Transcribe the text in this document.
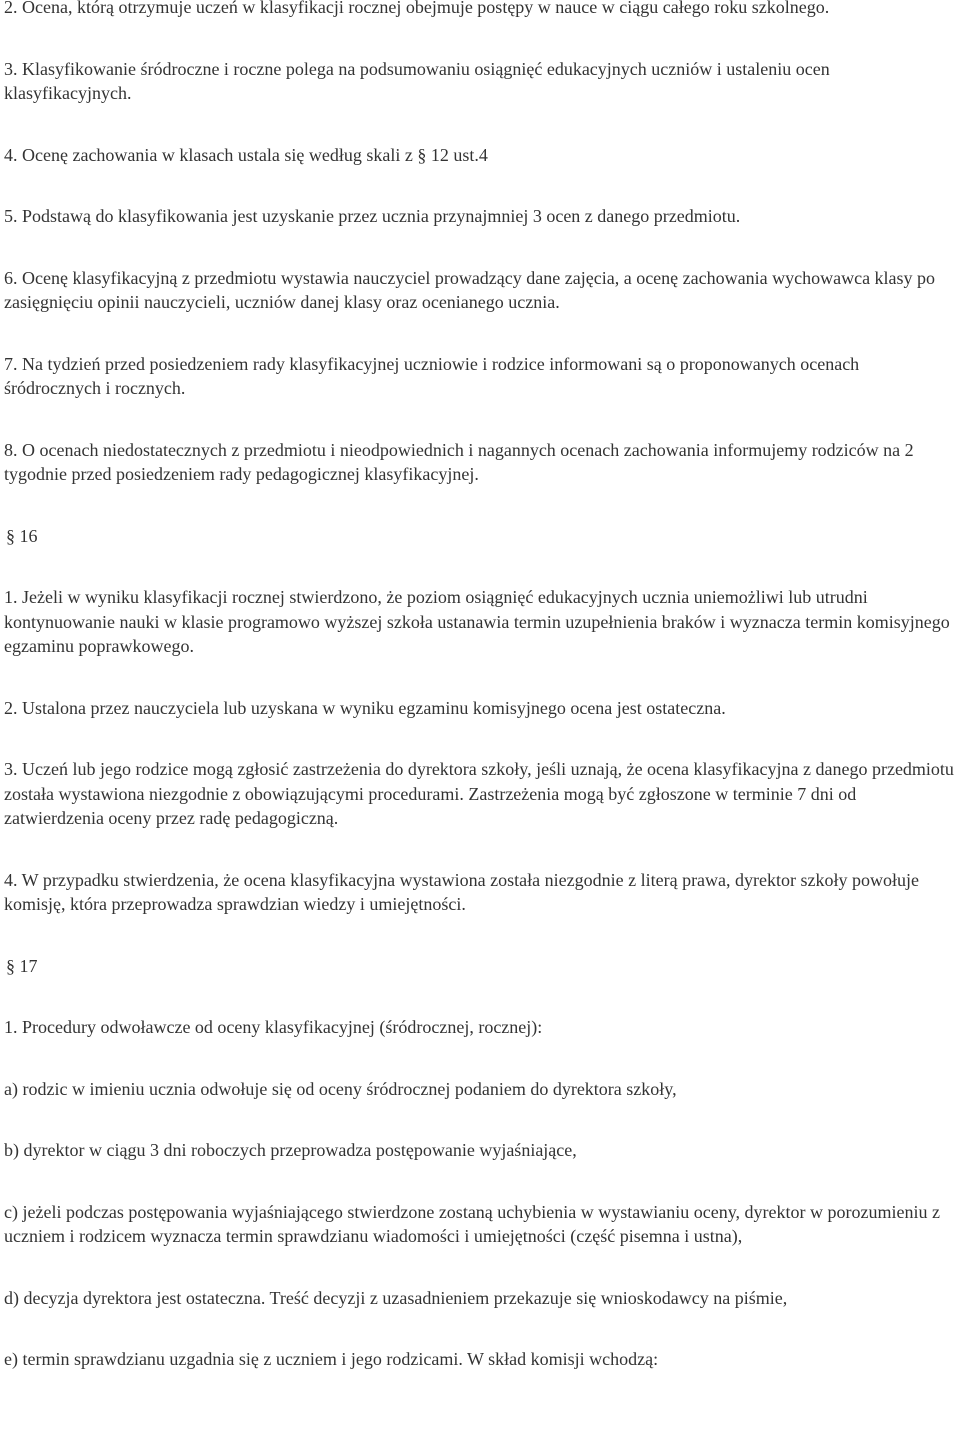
2. Ocena, którą otrzymuje uczeń w klasyfikacji rocznej obejmuje postępy w nauce w ciągu całego roku szkolnego.

3. Klasyfikowanie śródroczne i roczne polega na podsumowaniu osiągnięć edukacyjnych uczniów i ustaleniu ocen klasyfikacyjnych.

4. Ocenę zachowania w klasach ustala się według skali z § 12 ust.4

5. Podstawą do klasyfikowania jest uzyskanie przez ucznia przynajmniej 3 ocen z danego przedmiotu.

6. Ocenę klasyfikacyjną z przedmiotu wystawia nauczyciel prowadzący dane zajęcia, a ocenę zachowania wychowawca klasy po zasięgnięciu opinii nauczycieli, uczniów danej klasy oraz ocenianego ucznia.

7. Na tydzień przed posiedzeniem rady klasyfikacyjnej uczniowie i rodzice informowani są o proponowanych ocenach śródrocznych i rocznych.

8. O ocenach niedostatecznych z przedmiotu i nieodpowiednich i nagannych ocenach zachowania informujemy rodziców na 2 tygodnie przed posiedzeniem rady pedagogicznej klasyfikacyjnej.

§ 16

1. Jeżeli w wyniku klasyfikacji rocznej stwierdzono, że poziom osiągnięć edukacyjnych ucznia uniemożliwi lub utrudni kontynuowanie nauki w klasie programowo wyższej szkoła ustanawia termin uzupełnienia braków i wyznacza termin komisyjnego egzaminu poprawkowego.

2. Ustalona przez nauczyciela lub uzyskana w wyniku egzaminu komisyjnego ocena jest ostateczna.

3. Uczeń lub jego rodzice mogą zgłosić zastrzeżenia do dyrektora szkoły, jeśli uznają, że ocena klasyfikacyjna z danego przedmiotu została wystawiona niezgodnie z obowiązującymi procedurami. Zastrzeżenia mogą być zgłoszone w terminie 7 dni od zatwierdzenia oceny przez radę pedagogiczną.

4. W przypadku stwierdzenia, że ocena klasyfikacyjna wystawiona została niezgodnie z literą prawa, dyrektor szkoły powołuje komisję, która przeprowadza sprawdzian wiedzy i umiejętności.

§ 17

1. Procedury odwoławcze od oceny klasyfikacyjnej (śródrocznej, rocznej):

a) rodzic w imieniu ucznia odwołuje się od oceny śródrocznej podaniem do dyrektora szkoły,

b) dyrektor w ciągu 3 dni roboczych przeprowadza postępowanie wyjaśniające,

c) jeżeli podczas postępowania wyjaśniającego stwierdzone zostaną uchybienia w wystawianiu oceny, dyrektor w porozumieniu z uczniem i rodzicem wyznacza termin sprawdzianu wiadomości i umiejętności (część pisemna i ustna),

d) decyzja dyrektora jest ostateczna. Treść decyzji z uzasadnieniem przekazuje się wnioskodawcy na piśmie,

e) termin sprawdzianu uzgadnia się z uczniem i jego rodzicami. W skład komisji wchodzą:
